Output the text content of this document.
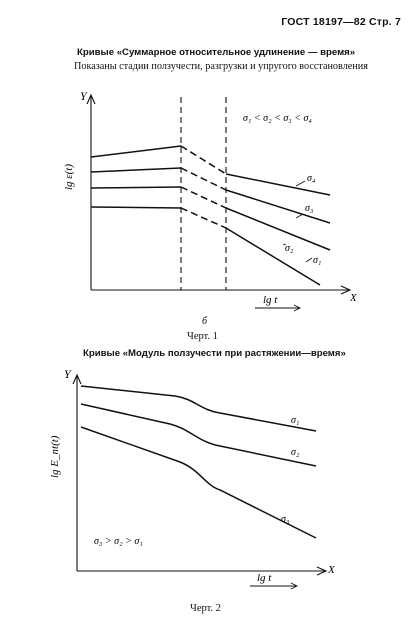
ГОСТ 18197—82 Стр. 7
Кривые «Суммарное относительное удлинение — время»
Показаны стадии ползучести, разгрузки и упругого восстановления
Y
X
lg ε(t)
lg t
σ₁ < σ₂ < σ₃ < σ₄
σ₄
σ₃
σ₂
σ₁
б
Черт. 1
Кривые «Модуль ползучести при растяжении—время»
Y
X
lg E_nt(t)
lg t
σ₃ > σ₂ > σ₁
σ₁
σ₂
σ₃
Черт. 2
